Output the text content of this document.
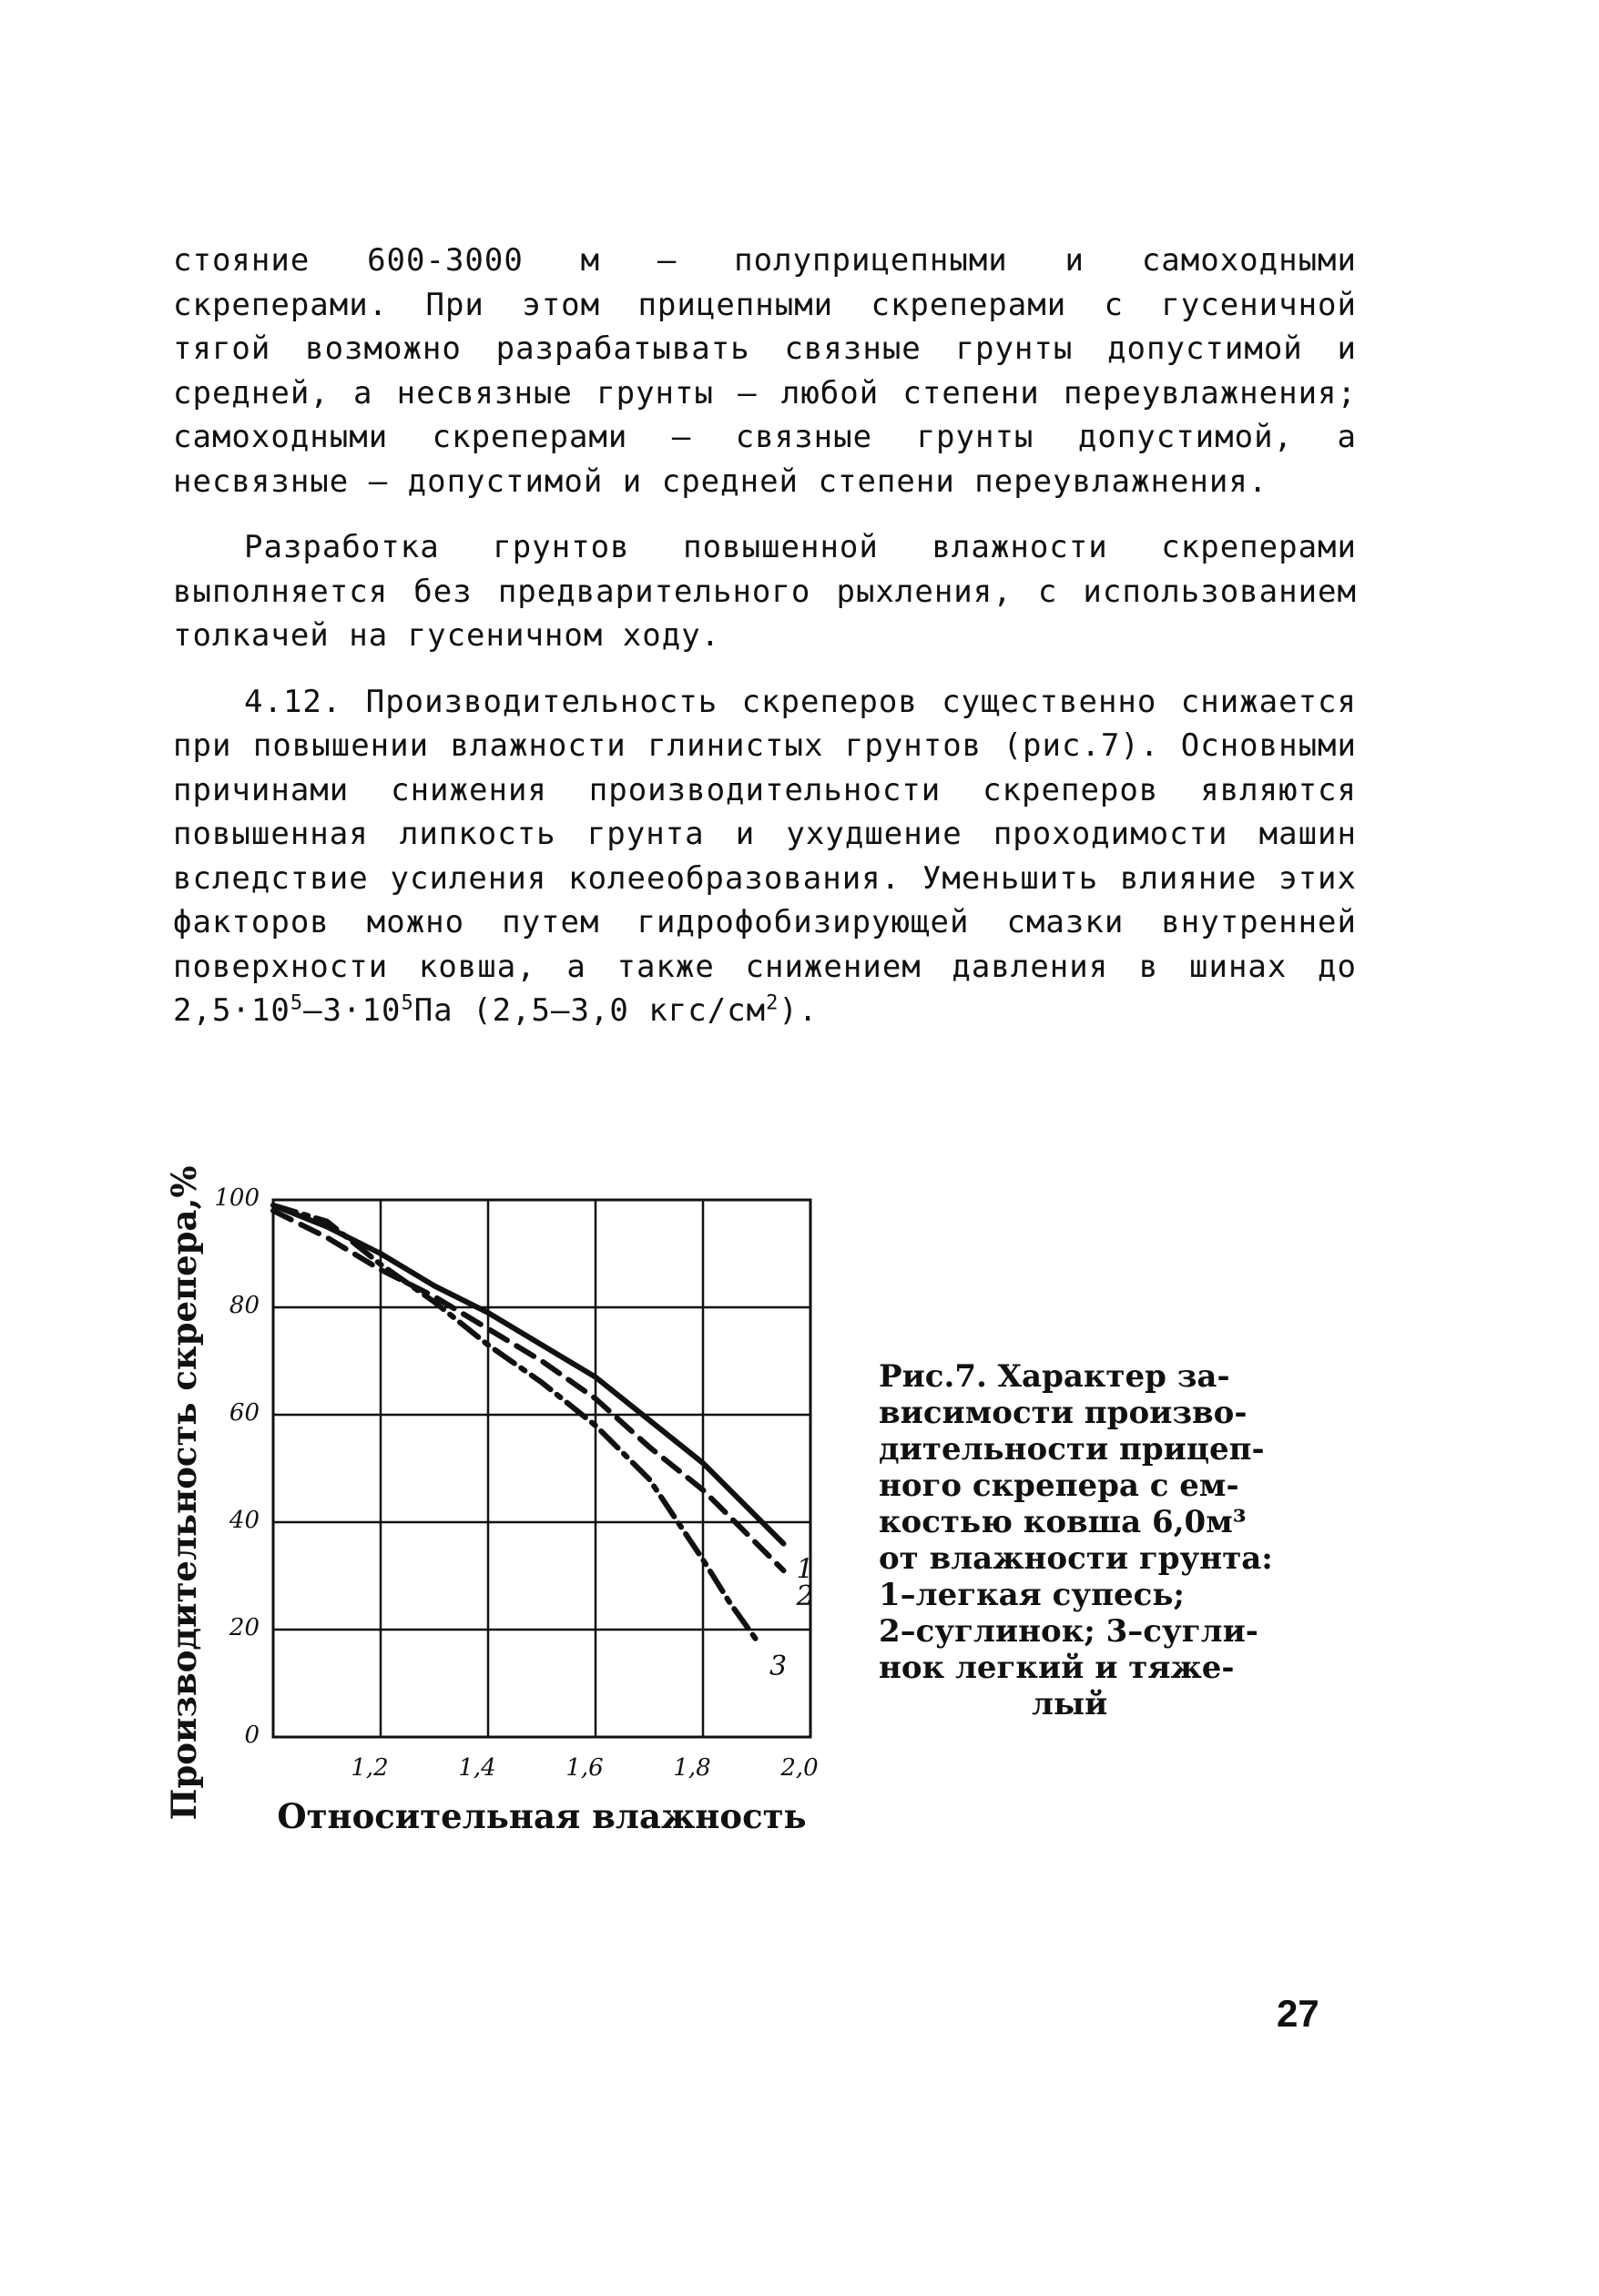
стояние 600-3000 м – полуприцепными и самоходными скреперами. При этом прицепными скреперами с гусеничной тягой возможно разрабатывать связные грунты допустимой и средней, а несвязные грунты – любой степени переувлажнения; самоходными скреперами – связные грунты допустимой, а несвязные – допустимой и средней степени переувлажнения.

Разработка грунтов повышенной влажности скреперами выполняется без предварительного рыхления, с использованием толкачей на гусеничном ходу.

4.12. Производительность скреперов существенно снижается при повышении влажности глинистых грунтов (рис.7). Основными причинами снижения производительности скреперов являются повышенная липкость грунта и ухудшение проходимости машин вследствие усиления колееобразования. Уменьшить влияние этих факторов можно путем гидрофобизирующей смазки внутренней поверхности ковша, а также снижением давления в шинах до $2,5\cdot 10^5-3\cdot 10^5Па$ (2,5–3,0 кгс/$см^2$).

100
80
60
40
20
0
1,2	1,4	1,6	1,8	2,0
1
2
3
Производительность скрепера,% Относительная влажность
Рис.7. Характер за-
висимости произво-
дительности прицеп-
ного скрепера с ем-
костью ковша 6,0м³
от влажности грунта:
1–легкая супесь;
2–суглинок; 3–сугли-
нок легкий и тяже-
лый
27
